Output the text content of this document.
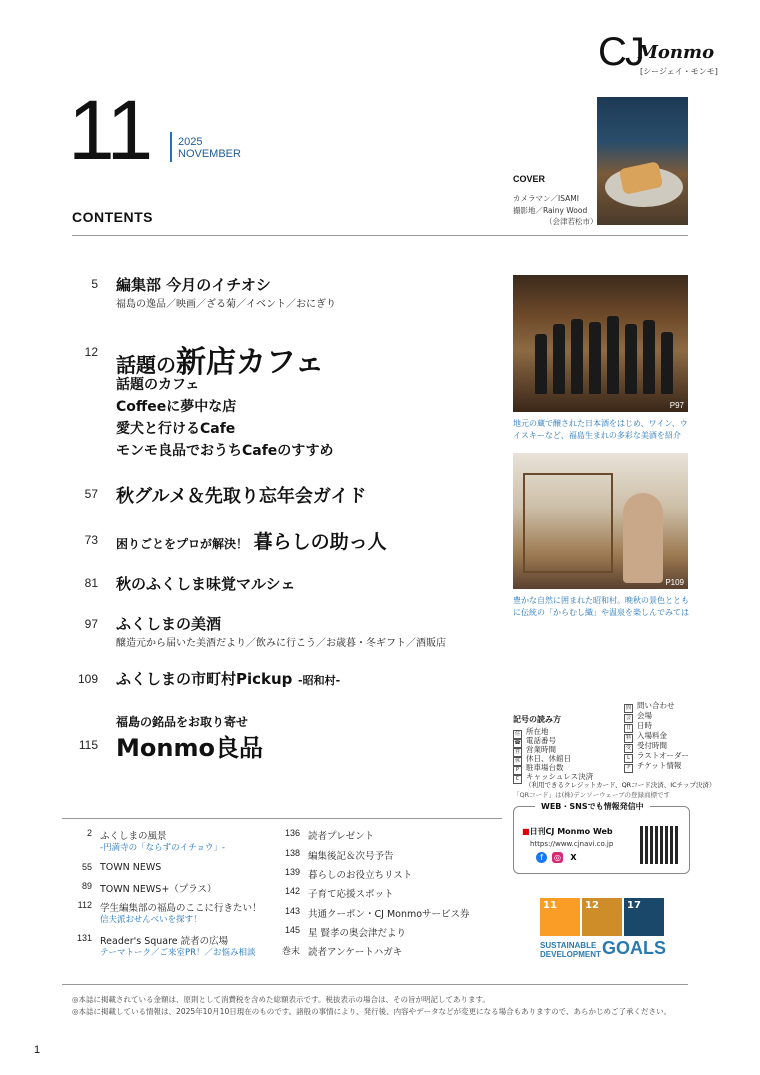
CJ
Monmo
[シージェイ・モンモ]
11 2025
NOVEMBER
COVER
カメラマン／ISAMI
撮影地／Rainy Wood
（会津若松市）
CONTENTS
5 編集部 今月のイチオシ
福島の逸品／映画／ざる菊／イベント／おにぎり
12
話題の新店カフェ
話題のカフェ
Coffeeに夢中な店
愛犬と行けるCafe
モンモ良品でおうちCafeのすすめ
57 秋グルメ＆先取り忘年会ガイド
73 困りごとをプロが解決！ 暮らしの助っ人
81 秋のふくしま味覚マルシェ
97 ふくしまの美酒
醸造元から届いた美酒だより／飲みに行こう／お歳暮・冬ギフト／酒販店
109 ふくしまの市町村Pickup -昭和村-
115
福島の銘品をお取り寄せ
Monmo良品
P97
地元の蔵で醸された日本酒をはじめ、ワイン、ウイスキーなど、福島生まれの多彩な美酒を紹介
P109
豊かな自然に囲まれた昭和村。晩秋の景色とともに伝統の「からむし織」や温泉を楽しんでみては
記号の読み方
住 所在地
☎ 電話番号
営 営業時間
休 休日、休館日
P 駐車場台数
C キャッシュレス決済
問 問い合わせ
会 会場
日 日時
料 入場料金
受 受付時間
L ラストオーダー
チ チケット情報
（利用できるクレジットカード、QRコード決済、ICチップ決済）
「QRコード」は(株)デンソーウェーブの登録商標です
WEB・SNSでも情報発信中
■日刊CJ Monmo Web
https://www.cjnavi.co.jp
f	◎	X
11	12	17
SUSTAINABLE
DEVELOPMENT GOALS
2 ふくしまの風景
-円満寺の「ならずのイチョウ」-
55 TOWN NEWS
89 TOWN NEWS+（プラス）
112 学生編集部の福島のここに行きたい！
信夫派おせんべいを探す！
131 Reader's Square 読者の広場
テーマトーク／ご来室PR！／お悩み相談
136 読者プレゼント
138 編集後記＆次号予告
139 暮らしのお役立ちリスト
142 子育て応援スポット
143 共通クーポン・CJ Monmoサービス券
145 星 賢孝の奥会津だより
巻末 読者アンケートハガキ
◎本誌に掲載されている金額は、原則として消費税を含めた総額表示です。税抜表示の場合は、その旨が明記してあります。
◎本誌に掲載している情報は、2025年10月10日現在のものです。諸般の事情により、発行後、内容やデータなどが変更になる場合もありますので、あらかじめご了承ください。
1
